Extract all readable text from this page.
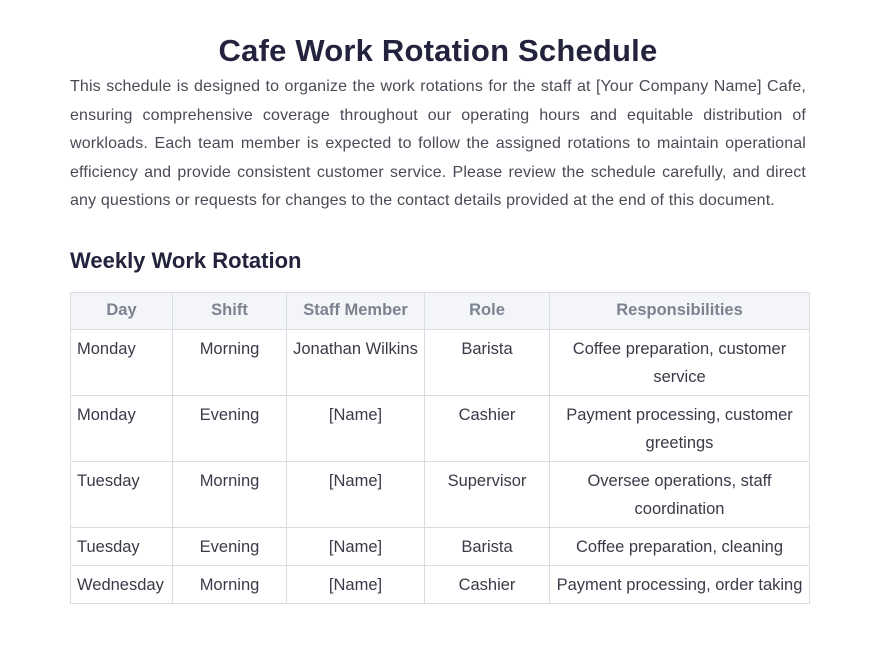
Cafe Work Rotation Schedule

This schedule is designed to organize the work rotations for the staff at [Your Company Name] Cafe, ensuring comprehensive coverage throughout our operating hours and equitable distribution of workloads. Each team member is expected to follow the assigned rotations to maintain operational efficiency and provide consistent customer service. Please review the schedule carefully, and direct any questions or requests for changes to the contact details provided at the end of this document.

Weekly Work Rotation
Day	Shift	Staff Member	Role	Responsibilities
Monday	Morning	Jonathan Wilkins	Barista	Coffee preparation, customer service
Monday	Evening	[Name]	Cashier	Payment processing, customer greetings
Tuesday	Morning	[Name]	Supervisor	Oversee operations, staff coordination
Tuesday	Evening	[Name]	Barista	Coffee preparation, cleaning
Wednesday	Morning	[Name]	Cashier	Payment processing, order taking
